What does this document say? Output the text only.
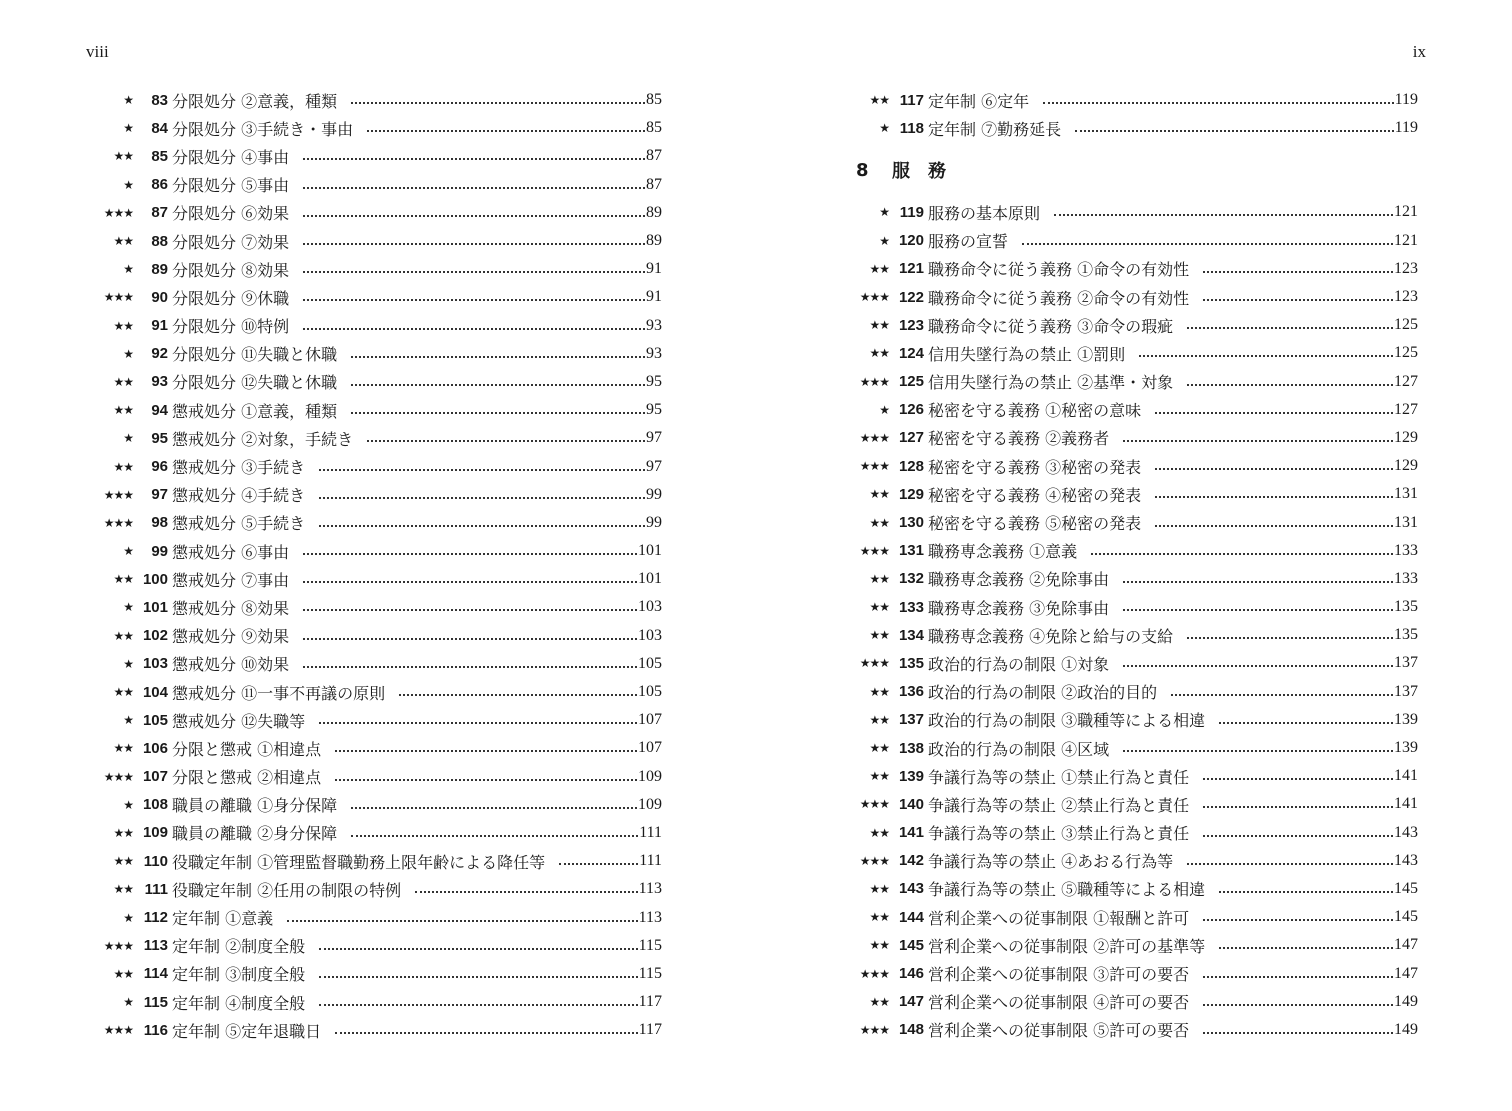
viii	ix
★	83 分限処分 ②意義，種類	85
★	84 分限処分 ③手続き・事由	85
★★	85 分限処分 ④事由	87
★	86 分限処分 ⑤事由	87
★★★	87 分限処分 ⑥効果	89
★★	88 分限処分 ⑦効果	89
★	89 分限処分 ⑧効果	91
★★★	90 分限処分 ⑨休職	91
★★	91 分限処分 ⑩特例	93
★	92 分限処分 ⑪失職と休職	93
★★	93 分限処分 ⑫失職と休職	95
★★	94 懲戒処分 ①意義，種類	95
★	95 懲戒処分 ②対象，手続き	97
★★	96 懲戒処分 ③手続き	97
★★★	97 懲戒処分 ④手続き	99
★★★	98 懲戒処分 ⑤手続き	99
★	99 懲戒処分 ⑥事由	101
★★ 100 懲戒処分 ⑦事由	101
★ 101 懲戒処分 ⑧効果	103
★★ 102 懲戒処分 ⑨効果	103
★ 103 懲戒処分 ⑩効果	105
★★ 104 懲戒処分 ⑪一事不再議の原則	105
★ 105 懲戒処分 ⑫失職等	107
★★ 106 分限と懲戒 ①相違点	107
★★★ 107 分限と懲戒 ②相違点	109
★ 108 職員の離職 ①身分保障	109
★★ 109 職員の離職 ②身分保障	111
★★ 110 役職定年制 ①管理監督職勤務上限年齢による降任等	111
★★ 111 役職定年制 ②任用の制限の特例	113
★ 112 定年制 ①意義	113
★★★ 113 定年制 ②制度全般	115
★★ 114 定年制 ③制度全般	115
★ 115 定年制 ④制度全般	117
★★★ 116 定年制 ⑤定年退職日	117
★★ 117 定年制 ⑥定年	119
★ 118 定年制 ⑦勤務延長	119
8	服務
★ 119 服務の基本原則	121
★ 120 服務の宣誓	121
★★ 121 職務命令に従う義務 ①命令の有効性	123
★★★ 122 職務命令に従う義務 ②命令の有効性	123
★★ 123 職務命令に従う義務 ③命令の瑕疵	125
★★ 124 信用失墜行為の禁止 ①罰則	125
★★★ 125 信用失墜行為の禁止 ②基準・対象	127
★ 126 秘密を守る義務 ①秘密の意味	127
★★★ 127 秘密を守る義務 ②義務者	129
★★★ 128 秘密を守る義務 ③秘密の発表	129
★★ 129 秘密を守る義務 ④秘密の発表	131
★★ 130 秘密を守る義務 ⑤秘密の発表	131
★★★ 131 職務専念義務 ①意義	133
★★ 132 職務専念義務 ②免除事由	133
★★ 133 職務専念義務 ③免除事由	135
★★ 134 職務専念義務 ④免除と給与の支給	135
★★★ 135 政治的行為の制限 ①対象	137
★★ 136 政治的行為の制限 ②政治的目的	137
★★ 137 政治的行為の制限 ③職種等による相違	139
★★ 138 政治的行為の制限 ④区域	139
★★ 139 争議行為等の禁止 ①禁止行為と責任	141
★★★ 140 争議行為等の禁止 ②禁止行為と責任	141
★★ 141 争議行為等の禁止 ③禁止行為と責任	143
★★★ 142 争議行為等の禁止 ④あおる行為等	143
★★ 143 争議行為等の禁止 ⑤職種等による相違	145
★★ 144 営利企業への従事制限 ①報酬と許可	145
★★ 145 営利企業への従事制限 ②許可の基準等	147
★★★ 146 営利企業への従事制限 ③許可の要否	147
★★ 147 営利企業への従事制限 ④許可の要否	149
★★★ 148 営利企業への従事制限 ⑤許可の要否	149
